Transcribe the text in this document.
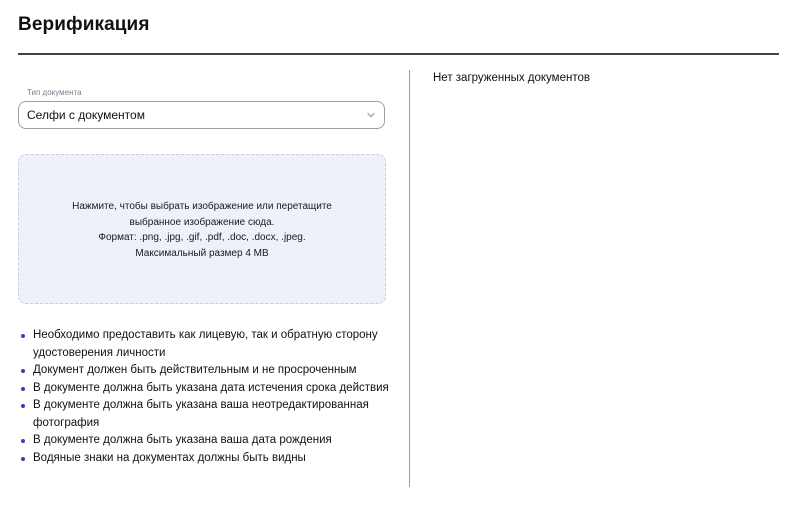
Верификация
Тип документа
Селфи с документом
Нажмите, чтобы выбрать изображение или перетащите
выбранное изображение сюда.
Формат: .png, .jpg, .gif, .pdf, .doc, .docx, .jpeg.
Максимальный размер 4 MB
Необходимо предоставить как лицевую, так и обратную сторону удостоверения личности
Документ должен быть действительным и не просроченным
В документе должна быть указана дата истечения срока действия
В документе должна быть указана ваша неотредактированная фотография
В документе должна быть указана ваша дата рождения
Водяные знаки на документах должны быть видны
Нет загруженных документов
